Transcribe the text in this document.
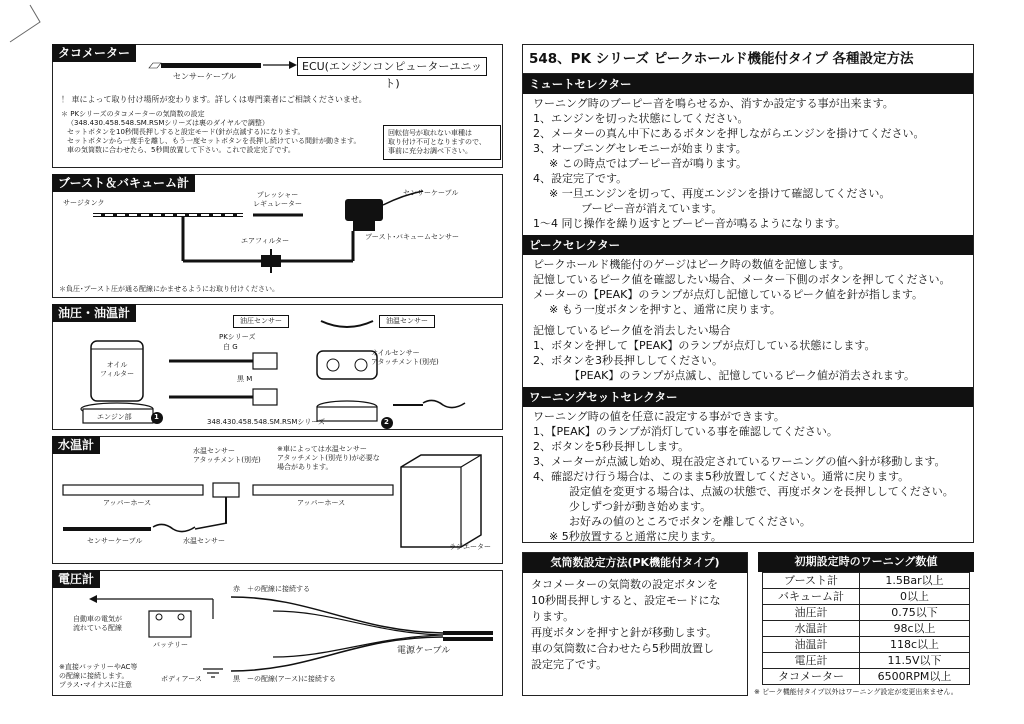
タコメーター
センサーケーブル
ECU(エンジンコンピューターユニット)
！ 車によって取り付け場所が変わります。詳しくは専門業者にご相談くださいませ。
＊ PKシリーズのタコメーターの気筒数の設定
（348.430.458.548.SM.RSMシリーズは裏のダイヤルで調整）
セットボタンを10秒間長押しすると設定モード(針が点滅する)になります。
セットボタンから一度手を離し、もう一度セットボタンを長押し続けている間針が動きます。
車の気筒数に合わせたら、5秒間放置して下さい。これで設定完了です。
回転信号が取れない車種は
取り付け不可となりますので、
事前に充分お調べ下さい。
ブースト＆バキューム計
サージタンク
プレッシャー
レギュレーター
エアフィルター
センサーケーブル
ブースト･バキュームセンサー
＊負圧･ブースト圧が通る配線にかませるようにお取り付けください。
油圧・油温計
油圧センサー	油温センサー
PKシリーズ
白 G
黒 M
オイル
フィルター
オイルセンサー
アタッチメント(別売)
エンジン部
348.430.458.548.SM.RSMシリーズ
1
2
水温計	水温センサー
アタッチメント(別売)
※車によっては水温センサー
アタッチメント(別売り)が必要な
場合があります。
アッパーホース	アッパーホース
センサーケーブル	水温センサー
ラジエーター
電圧計
赤　＋の配線に接続する
黒　ーの配線(アース)に接続する
自動車の電気が
流れている配線
バッテリー
ボディアース
電源ケーブル
※直接バッテリーやAC等
の配線に接続します。
プラス･マイナスに注意
548、PK シリーズ ピークホールド機能付タイプ 各種設定方法
ミュートセレクター

ワーニング時のブーピー音を鳴らせるか、消すか設定する事が出来ます。

1、エンジンを切った状態にしてください。

2、メーターの真ん中下にあるボタンを押しながらエンジンを掛けてください。

3、オープニングセレモニーが始まります。

※ この時点ではブーピー音が鳴ります。

4、設定完了です。

※ 一旦エンジンを切って、再度エンジンを掛けて確認してください。

ブーピー音が消えています。

1～4 同じ操作を繰り返すとブーピー音が鳴るようになります。

ピークセレクター

ピークホールド機能付のゲージはピーク時の数値を記憶します。

記憶しているピーク値を確認したい場合、メーター下側のボタンを押してください。

メーターの【PEAK】のランプが点灯し記憶しているピーク値を針が指します。

※ もう一度ボタンを押すと、通常に戻ります。

記憶しているピーク値を消去したい場合

1、ボタンを押して【PEAK】のランプが点灯している状態にします。

2、ボタンを3秒長押ししてください。

【PEAK】のランプが点滅し、記憶しているピーク値が消去されます。

ワーニングセットセレクター

ワーニング時の値を任意に設定する事ができます。

1、【PEAK】のランプが消灯している事を確認してください。

2、ボタンを5秒長押しします。

3、メーターが点滅し始め、現在設定されているワーニングの値へ針が移動します。

4、確認だけ行う場合は、このまま5秒放置してください。通常に戻ります。

設定値を変更する場合は、点滅の状態で、再度ボタンを長押ししてください。

少しずつ針が動き始めます。

お好みの値のところでボタンを離してください。

※ 5秒放置すると通常に戻ります。

気筒数設定方法(PK機能付タイプ)
タコメーターの気筒数の設定ボタンを
10秒間長押しすると、設定モードにな
ります。
再度ボタンを押すと針が移動します。
車の気筒数に合わせたら5秒間放置し
設定完了です。
初期設定時のワーニング数値
ブースト計	1.5Bar以上
バキューム計	0以上
油圧計	0.75以下
水温計	98c以上
油温計	118c以上
電圧計	11.5V以下
タコメーター	6500RPM以上
※ ピーク機能付タイプ以外はワーニング設定が変更出来ません。
